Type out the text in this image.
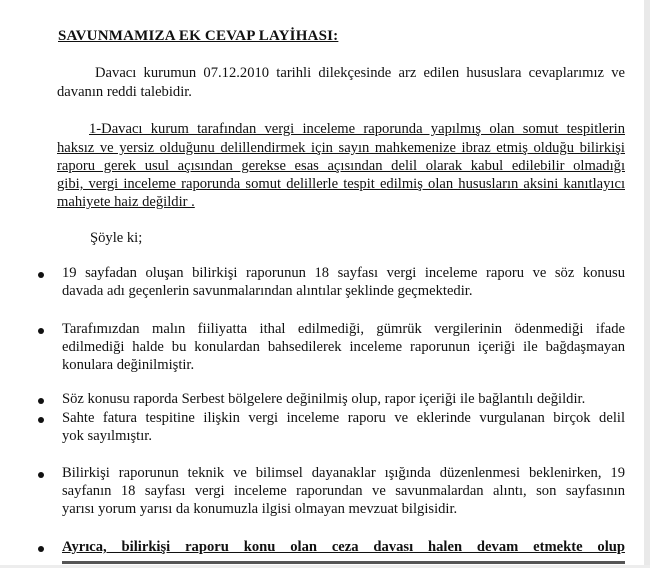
SAVUNMAMIZA EK CEVAP LAYİHASI:
Davacı kurumun 07.12.2010 tarihli dilekçesinde arz edilen hususlara cevaplarımız ve
davanın reddi talebidir.
1-Davacı kurum tarafından vergi inceleme raporunda yapılmış olan somut tespitlerin
haksız ve yersiz olduğunu delillendirmek için sayın mahkemenize ibraz etmiş olduğu bilirkişi
raporu gerek usul açısından gerekse esas açısından delil olarak kabul edilebilir olmadığı
gibi, vergi inceleme raporunda somut delillerle tespit edilmiş olan hususların aksini kanıtlayıcı
mahiyete haiz değildir .
Şöyle ki;
19 sayfadan oluşan bilirkişi raporunun 18 sayfası vergi inceleme raporu ve söz konusu
davada adı geçenlerin savunmalarından alıntılar şeklinde geçmektedir.
Tarafımızdan malın fiiliyatta ithal edilmediği, gümrük vergilerinin ödenmediği ifade
edilmediği halde bu konulardan bahsedilerek inceleme raporunun içeriği ile bağdaşmayan
konulara değinilmiştir.
Söz konusu raporda Serbest bölgelere değinilmiş olup, rapor içeriği ile bağlantılı değildir.
Sahte fatura tespitine ilişkin vergi inceleme raporu ve eklerinde vurgulanan birçok delil
yok sayılmıştır.
Bilirkişi raporunun teknik ve bilimsel dayanaklar ışığında düzenlenmesi beklenirken, 19
sayfanın 18 sayfası vergi inceleme raporundan ve savunmalardan alıntı, son sayfasının
yarısı yorum yarısı da konumuzla ilgisi olmayan mevzuat bilgisidir.
Ayrıca, bilirkişi raporu konu olan ceza davası halen devam etmekte olup
